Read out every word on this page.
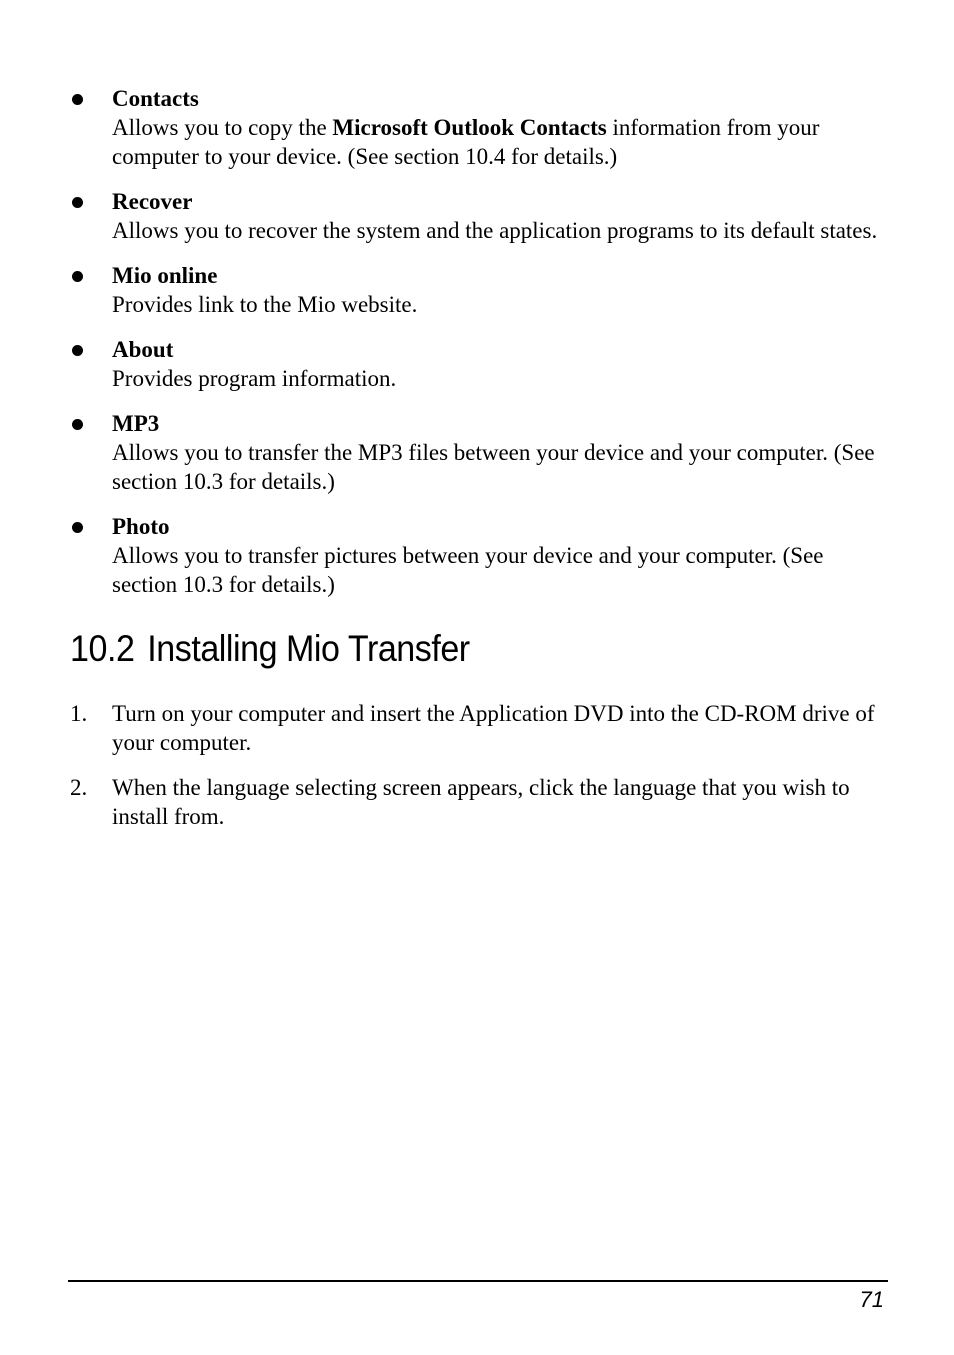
Contacts
Allows you to copy the Microsoft Outlook Contacts information from your computer to your device. (See section 10.4 for details.)
Recover
Allows you to recover the system and the application programs to its default states.
Mio online
Provides link to the Mio website.
About
Provides program information.
MP3
Allows you to transfer the MP3 files between your device and your computer. (See section 10.3 for details.)
Photo
Allows you to transfer pictures between your device and your computer. (See section 10.3 for details.)
10.2 Installing Mio Transfer
1. Turn on your computer and insert the Application DVD into the CD-ROM drive of your computer.
2. When the language selecting screen appears, click the language that you wish to install from.
71
